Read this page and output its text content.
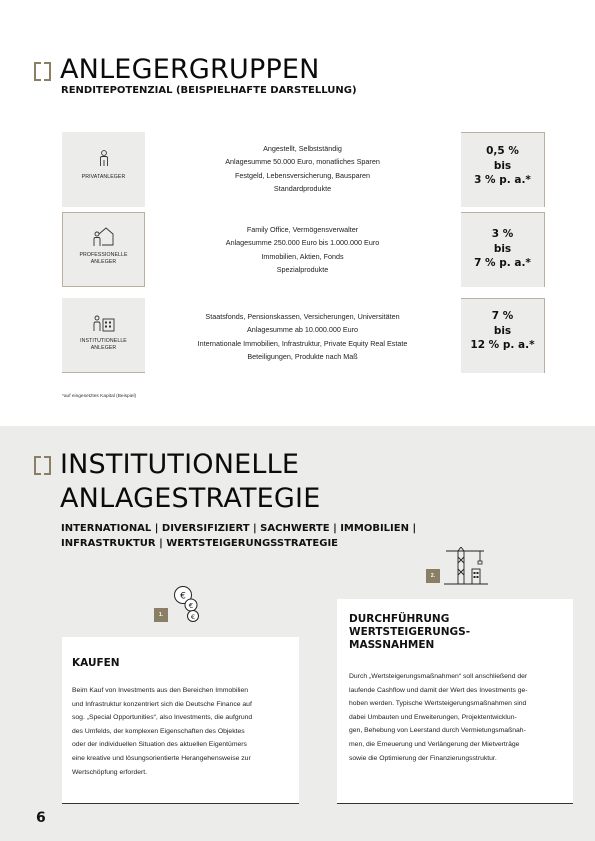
ANLEGERGRUPPEN
RENDITEPOTENZIAL (BEISPIELHAFTE DARSTELLUNG)
PRIVATANLEGER
Angestellt, Selbstständig
Anlagesumme 50.000 Euro, monatliches Sparen
Festgeld, Lebensversicherung, Bausparen
Standardprodukte
0,5 %
bis
3 % p. a.*
PROFESSIONELLE
ANLEGER
Family Office, Vermögensverwalter
Anlagesumme 250.000 Euro bis 1.000.000 Euro
Immobilien, Aktien, Fonds
Spezialprodukte
3 %
bis
7 % p. a.*
INSTITUTIONELLE
ANLEGER
Staatsfonds, Pensionskassen, Versicherungen, Universitäten
Anlagesumme ab 10.000.000 Euro
Internationale Immobilien, Infrastruktur, Private Equity Real Estate
Beteiligungen, Produkte nach Maß
7 %
bis
12 % p. a.*
*auf eingesetztes Kapital (Beispiel)
INSTITUTIONELLE
ANLAGESTRATEGIE
INTERNATIONAL | DIVERSIFIZIERT | SACHWERTE | IMMOBILIEN |
INFRASTRUKTUR | WERTSTEIGERUNGSSTRATEGIE
€
€
€
1.
KAUFEN
Beim Kauf von Investments aus den Bereichen Immobilien
und Infrastruktur konzentriert sich die Deutsche Finance auf
sog. „Special Opportunities“, also Investments, die aufgrund
des Umfelds, der komplexen Eigenschaften des Objektes
oder der individuellen Situation des aktuellen Eigentümers
eine kreative und lösungsorientierte Herangehensweise zur
Wertschöpfung erfordert.
2.
DURCHFÜHRUNG
WERTSTEIGERUNGS-
MASSNAHMEN
Durch „Wertsteigerungsmaßnahmen“ soll anschließend der
laufende Cashflow und damit der Wert des Investments ge-
hoben werden. Typische Wertsteigerungsmaßnahmen sind
dabei Umbauten und Erweiterungen, Projektentwicklun-
gen, Behebung von Leerstand durch Vermietungsmaßnah-
men, die Erneuerung und Verlängerung der Mietverträge
sowie die Optimierung der Finanzierungsstruktur.
6
